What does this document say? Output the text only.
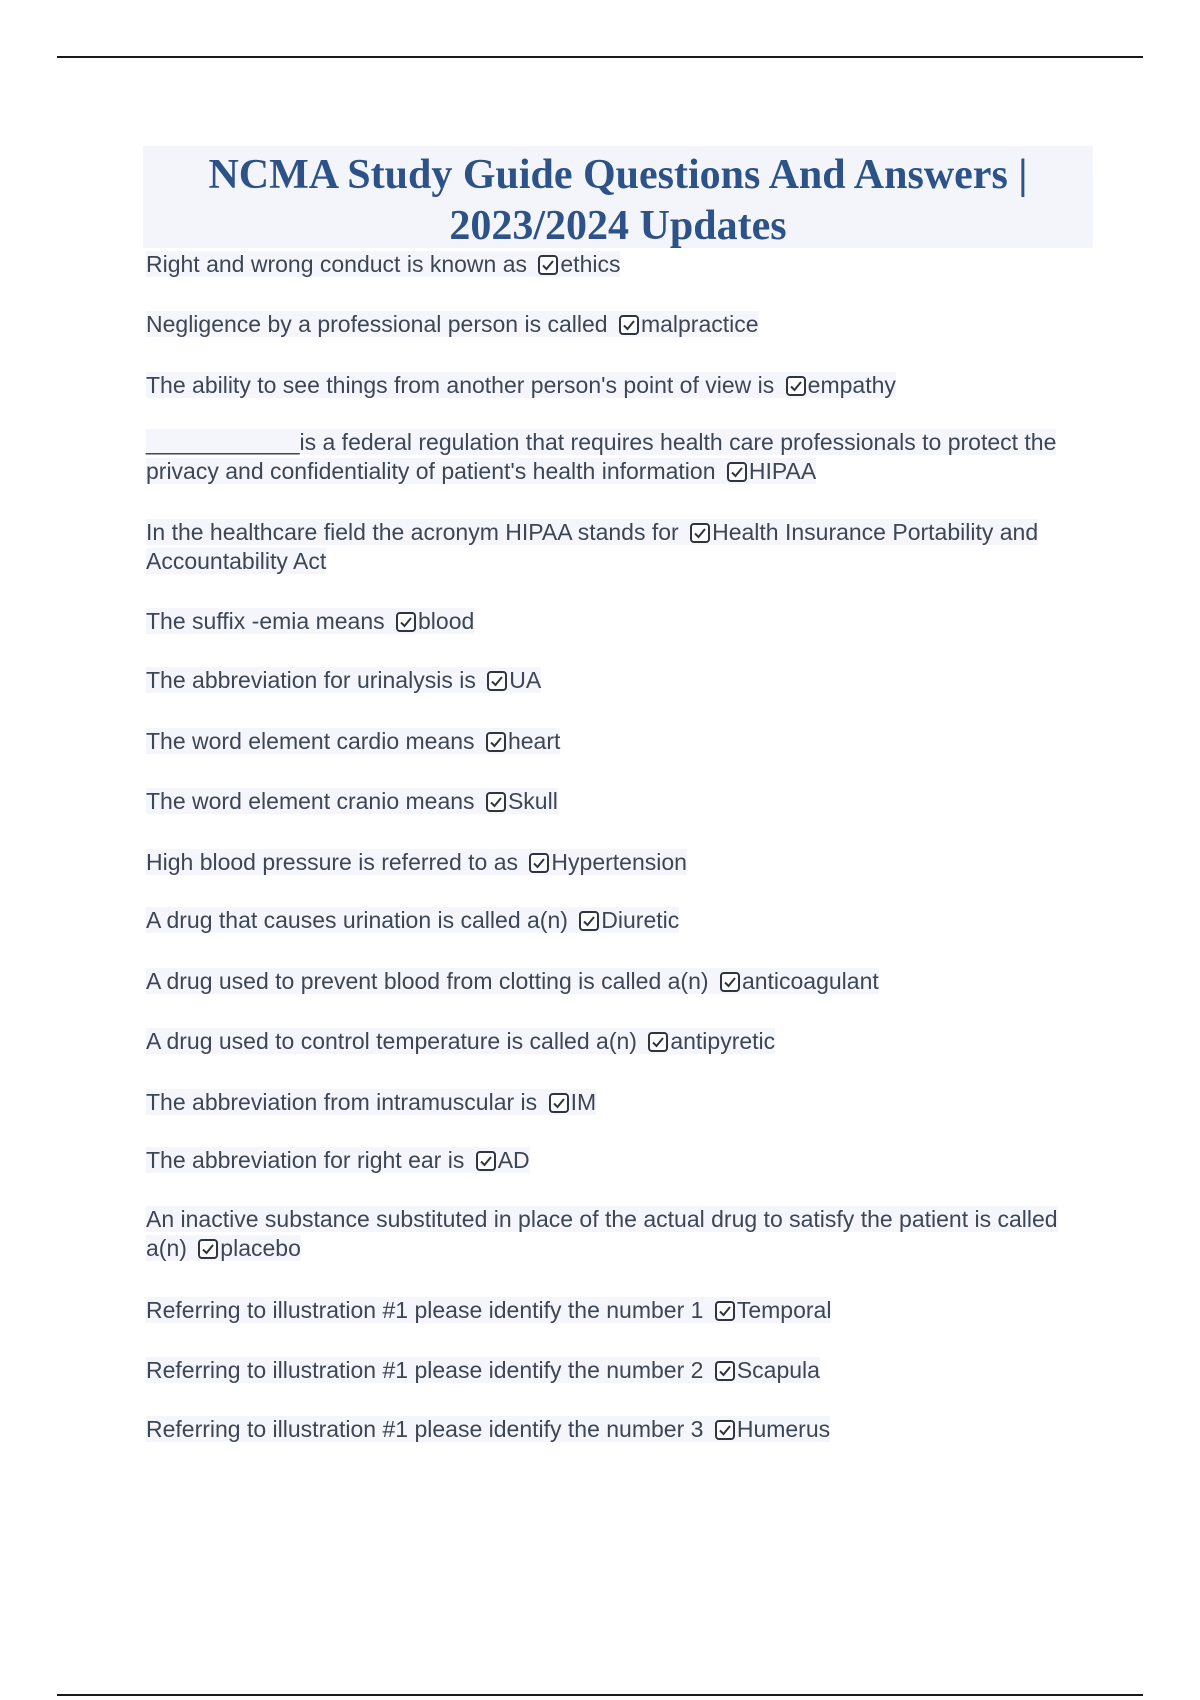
NCMA Study Guide Questions And Answers |
2023/2024 Updates

Right and wrong conduct is known as ethics

Negligence by a professional person is called malpractice

The ability to see things from another person's point of view is empathy

____________is a federal regulation that requires health care professionals to protect the privacy and confidentiality of patient's health information HIPAA

In the healthcare field the acronym HIPAA stands for Health Insurance Portability and Accountability Act

The suffix -emia means blood

The abbreviation for urinalysis is UA

The word element cardio means heart

The word element cranio means Skull

High blood pressure is referred to as Hypertension

A drug that causes urination is called a(n) Diuretic

A drug used to prevent blood from clotting is called a(n) anticoagulant

A drug used to control temperature is called a(n) antipyretic

The abbreviation from intramuscular is IM

The abbreviation for right ear is AD

An inactive substance substituted in place of the actual drug to satisfy the patient is called a(n) placebo

Referring to illustration #1 please identify the number 1 Temporal

Referring to illustration #1 please identify the number 2 Scapula

Referring to illustration #1 please identify the number 3 Humerus
